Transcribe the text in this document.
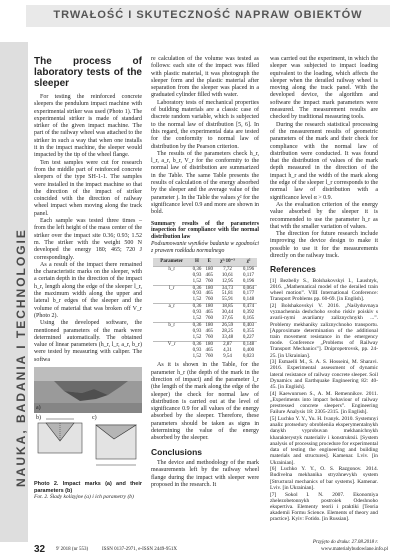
TRWAŁOŚĆ I SKUTECZNOŚĆ NAPRAW OBIEKTÓW
NAUKA, BADANIA I TECHNOLOGIE
The process of laboratory tests of the sleeper

For testing the reinforced concrete sleepers the pendulum impact machine with experimental striker was used (Photo 1). The experimental striker is made of standard striker of the given impact machine. The part of the railway wheel was attached to the striker in such a way that when one installs it in the impact machine, the sleeper would impacted by the tip of the wheel flange.

Ten test samples were cut for research from the middle part of reinforced concrete sleepers of the type SH-1-1. The samples were installed in the impact machine so that the direction of the impact of striker coincided with the direction of railway wheel impact when moving along the track panel.

Each sample was tested three times – from the left height of the mass center of the striker over the impact site 0.36; 0.93; 1.52 m. The striker with the weight 500 N developed the energy 180; 465; 720 J correspondingly.

As a result of the impact there remained the characteristic marks on the sleeper, with a certain depth in the direction of the impact h_r, length along the edge of the sleeper l_r, the maximum width along the upper and lateral b_r edges of the sleeper and the volume of material that was broken off V_r (Photo 2).

Using the developed software, the mentioned parameters of the mark were determined automatically. The obtained value of linear parameters (h_r, l_r, a_r, b_r) were tested by measuring with caliper. The softwa

a)
b)	c)
Photo 2. Impact marks (a) and their parameters (b)
Fot. 2. Ślady kolizyjne (a) i ich parametry (b)

re calculation of the volume was tested as follows: each site of the impact was filled with plastic material, it was photograph the sleeper form and the plastic material after separation from the sleeper was placed in a graduated cylinder filled with water.

Laboratory tests of mechanical properties of building materials are a classic case of discrete random variable, which is subjected to the normal law of distribution [5, 6]. In this regard, the experimental data are tested for the conformity to normal law of distribution by the Pearson criterion.

The results of the parameters check h_r, l_r, a_r, b_r, V_r for the conformity to the normal law of distribution are summarized in the Table. The same Table presents the results of calculation of the energy absorbed by the sleeper and the average value of the parameter j. In the Table the values χ² for the significance level 0.9 and more are shown in bold.

Summary results of the parameters inspection for compliance with the normal distribution law
Podsumowanie wyników badania w zgodności z prawem rozkładu normalnego
Parameter	H	E	χ²·10⁻³	χ²
h_r	0,36	180	7,72	0,196
	0,93	465	10,61	0,117
	1,52	760	12,95	0,196
l_r	0,36	180	34,73	0,064
	0,93	465	51,81	0,177
	1,52	760	55,91	0,148
a_r	0,36	180	18,85	0,474
	0,93	465	30,44	0,392
	1,52	760	37,65	0,165
b_r	0,36	180	26,59	0,403
	0,93	465	28,25	0,355
	1,52	760	33,48	0,227
V_r	0,36	180	2,87	0,148
	0,93	465	4,31	0,400
	1,52	760	9,54	0,023

As it is shown in the Table, for the parameter h_r (the depth of the mark in the direction of impact) and the parameter l_r (the length of the mark along the edge of the sleeper) the check for normal law of distribution is carried out at the level of significance 0.9 for all values of the energy absorbed by the sleeper. Therefore, these parameters should be taken as signs in determining the value of the energy absorbed by the sleeper.

Conclusions

The device and methodology of the mark measurements left by the railway wheel flange during the impact with sleeper were proposed in the research. It

was carried out the experiment, in which the sleeper was subjected to impact loading equivalent to the loading, which affects the sleeper when the derailed railway wheel is moving along the track panel. With the developed device, the algorithm and software the impact mark parameters were measured. The measurement results are checked by traditional measuring tools.

During the research statistical processing of the measurement results of geometric parameters of the mark and their check for compliance with the normal law of distribution were conducted. It was found that the distribution of values of the mark depth measured in the direction of the impact h_r and the width of the mark along the edge of the sleeper l_r corresponds to the normal law of distribution with a significance level α > 0.9.

As the evaluation criterion of the energy value absorbed by the sleeper it is recommended to use the parameter h_r as that with the smaller variation of values.

The direction for future research include improving the device design to make it possible to use it for the measurements directly on the railway track.

References

[1] Bezbeliy S., Bolshakovskyi I., Laushtyk, 2016. „Mathematical model of the derailed train wheel motion”. VIII International Conference: Transport Problems pp. 60-69. [in English].

[2] Bolshakovskyi V. 2016. „Naślyduvnaya vyznachennia deshchoho svoho riskiv poiskiv s avarii-nymi avariiamy zaliznychnykh ...”. Problemy mekhaniky zaliznychnoho transportu. [Approximate determination of the additional train movement resistance in the emergency mode. Conference „Problems of Railway Transport Mechanics”]. Dnipropetrovsk, pp. 24-25. [in Ukrainian].

[3] Esmaelli M., S. A. S. Hosseini, M. Sharavi. 2016. Experimental assessment of dynamic lateral resistance of railway concrete sleeper. Soil Dynamics and Earthquake Engineering 82: 40-45. [in English].

[4] Kaewunruen S., A. M. Remennikov. 2011. „Experiments into impact behaviour of railway prestressed concrete sleepers”. Engineering Failure Analysis 18: 2305-2315. [in English].

[5] Luchko Y. Y., Yu. H. Ivanyk. 2010. Systemnyi analiz protsedury obrobleniia eksperymentalnykh danykh vyprobuvan mekhanichnykh kharakterystyk materialiv i konstruktsii. [System analysis of processing procedure for experimental data of testing the engineering and building materials and structures]. Kamenar. Lviv. [in Ukrainian].

[6] Luchko Y. Y., O. S. Razgonov. 2014. Budivelna mekhanika stryzhnevykh system [Structural mechanics of bar systems]. Kamenar. Lviv. [in Ukrainian].

[7] Sokol I. N. 2007. Ekonomiya zhelezobetonnykh postroiek Odeshnoho ekspertiva. Elementy teorii i praktiki [Teoria akademii Formu Science. Elements of theory and practice]. Kyiv: Fotido. [in Russian].

Przyjęto do druku: 27.08.2018 r.
32 9' 2018 (nr 553)	ISSN 0137-2971, e-ISSN 2449-951X	www.materialybudowlane.info.pl
